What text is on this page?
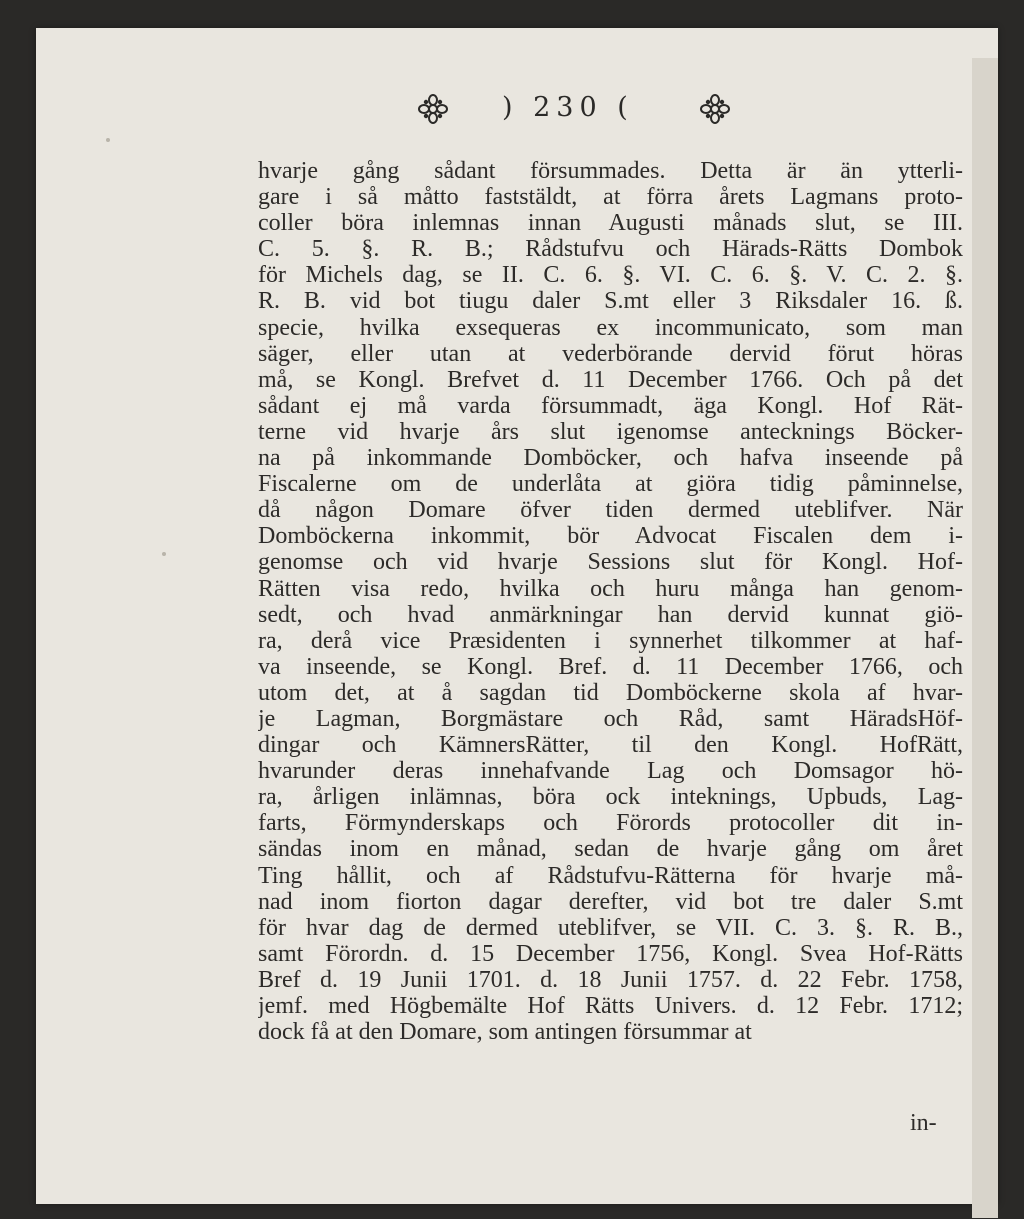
) 230 (
hvarje gång sådant försummades. Detta är än ytterli-
gare i så måtto faststäldt, at förra årets Lagmans proto-
coller böra inlemnas innan Augusti månads slut, se III.
C. 5. §. R. B.; Rådstufvu och Härads-Rätts Dombok
för Michels dag, se II. C. 6. §. VI. C. 6. §. V. C. 2. §.
R. B. vid bot tiugu daler S.mt eller 3 Riksdaler 16. ß.
specie, hvilka exsequeras ex incommunicato, som man
säger, eller utan at vederbörande dervid förut höras
må, se Kongl. Brefvet d. 11 December 1766. Och på det
sådant ej må varda försummadt, äga Kongl. Hof Rät-
terne vid hvarje års slut igenomse antecknings Böcker-
na på inkommande Domböcker, och hafva inseende på
Fiscalerne om de underlåta at giöra tidig påminnelse,
då någon Domare öfver tiden dermed uteblifver. När
Domböckerna inkommit, bör Advocat Fiscalen dem i-
genomse och vid hvarje Sessions slut för Kongl. Hof-
Rätten visa redo, hvilka och huru många han genom-
sedt, och hvad anmärkningar han dervid kunnat giö-
ra, derå vice Præsidenten i synnerhet tilkommer at haf-
va inseende, se Kongl. Bref. d. 11 December 1766, och
utom det, at å sagdan tid Domböckerne skola af hvar-
je Lagman, Borgmästare och Råd, samt HäradsHöf-
dingar och KämnersRätter, til den Kongl. HofRätt,
hvarunder deras innehafvande Lag och Domsagor hö-
ra, årligen inlämnas, böra ock inteknings, Upbuds, Lag-
farts, Förmynderskaps och Förords protocoller dit in-
sändas inom en månad, sedan de hvarje gång om året
Ting hållit, och af Rådstufvu-Rätterna för hvarje må-
nad inom fiorton dagar derefter, vid bot tre daler S.mt
för hvar dag de dermed uteblifver, se VII. C. 3. §. R. B.,
samt Förordn. d. 15 December 1756, Kongl. Svea Hof-Rätts
Bref d. 19 Junii 1701. d. 18 Junii 1757. d. 22 Febr. 1758,
jemf. med Högbemälte Hof Rätts Univers. d. 12 Febr. 1712;
dock få at den Domare, som antingen försummar at
in-
